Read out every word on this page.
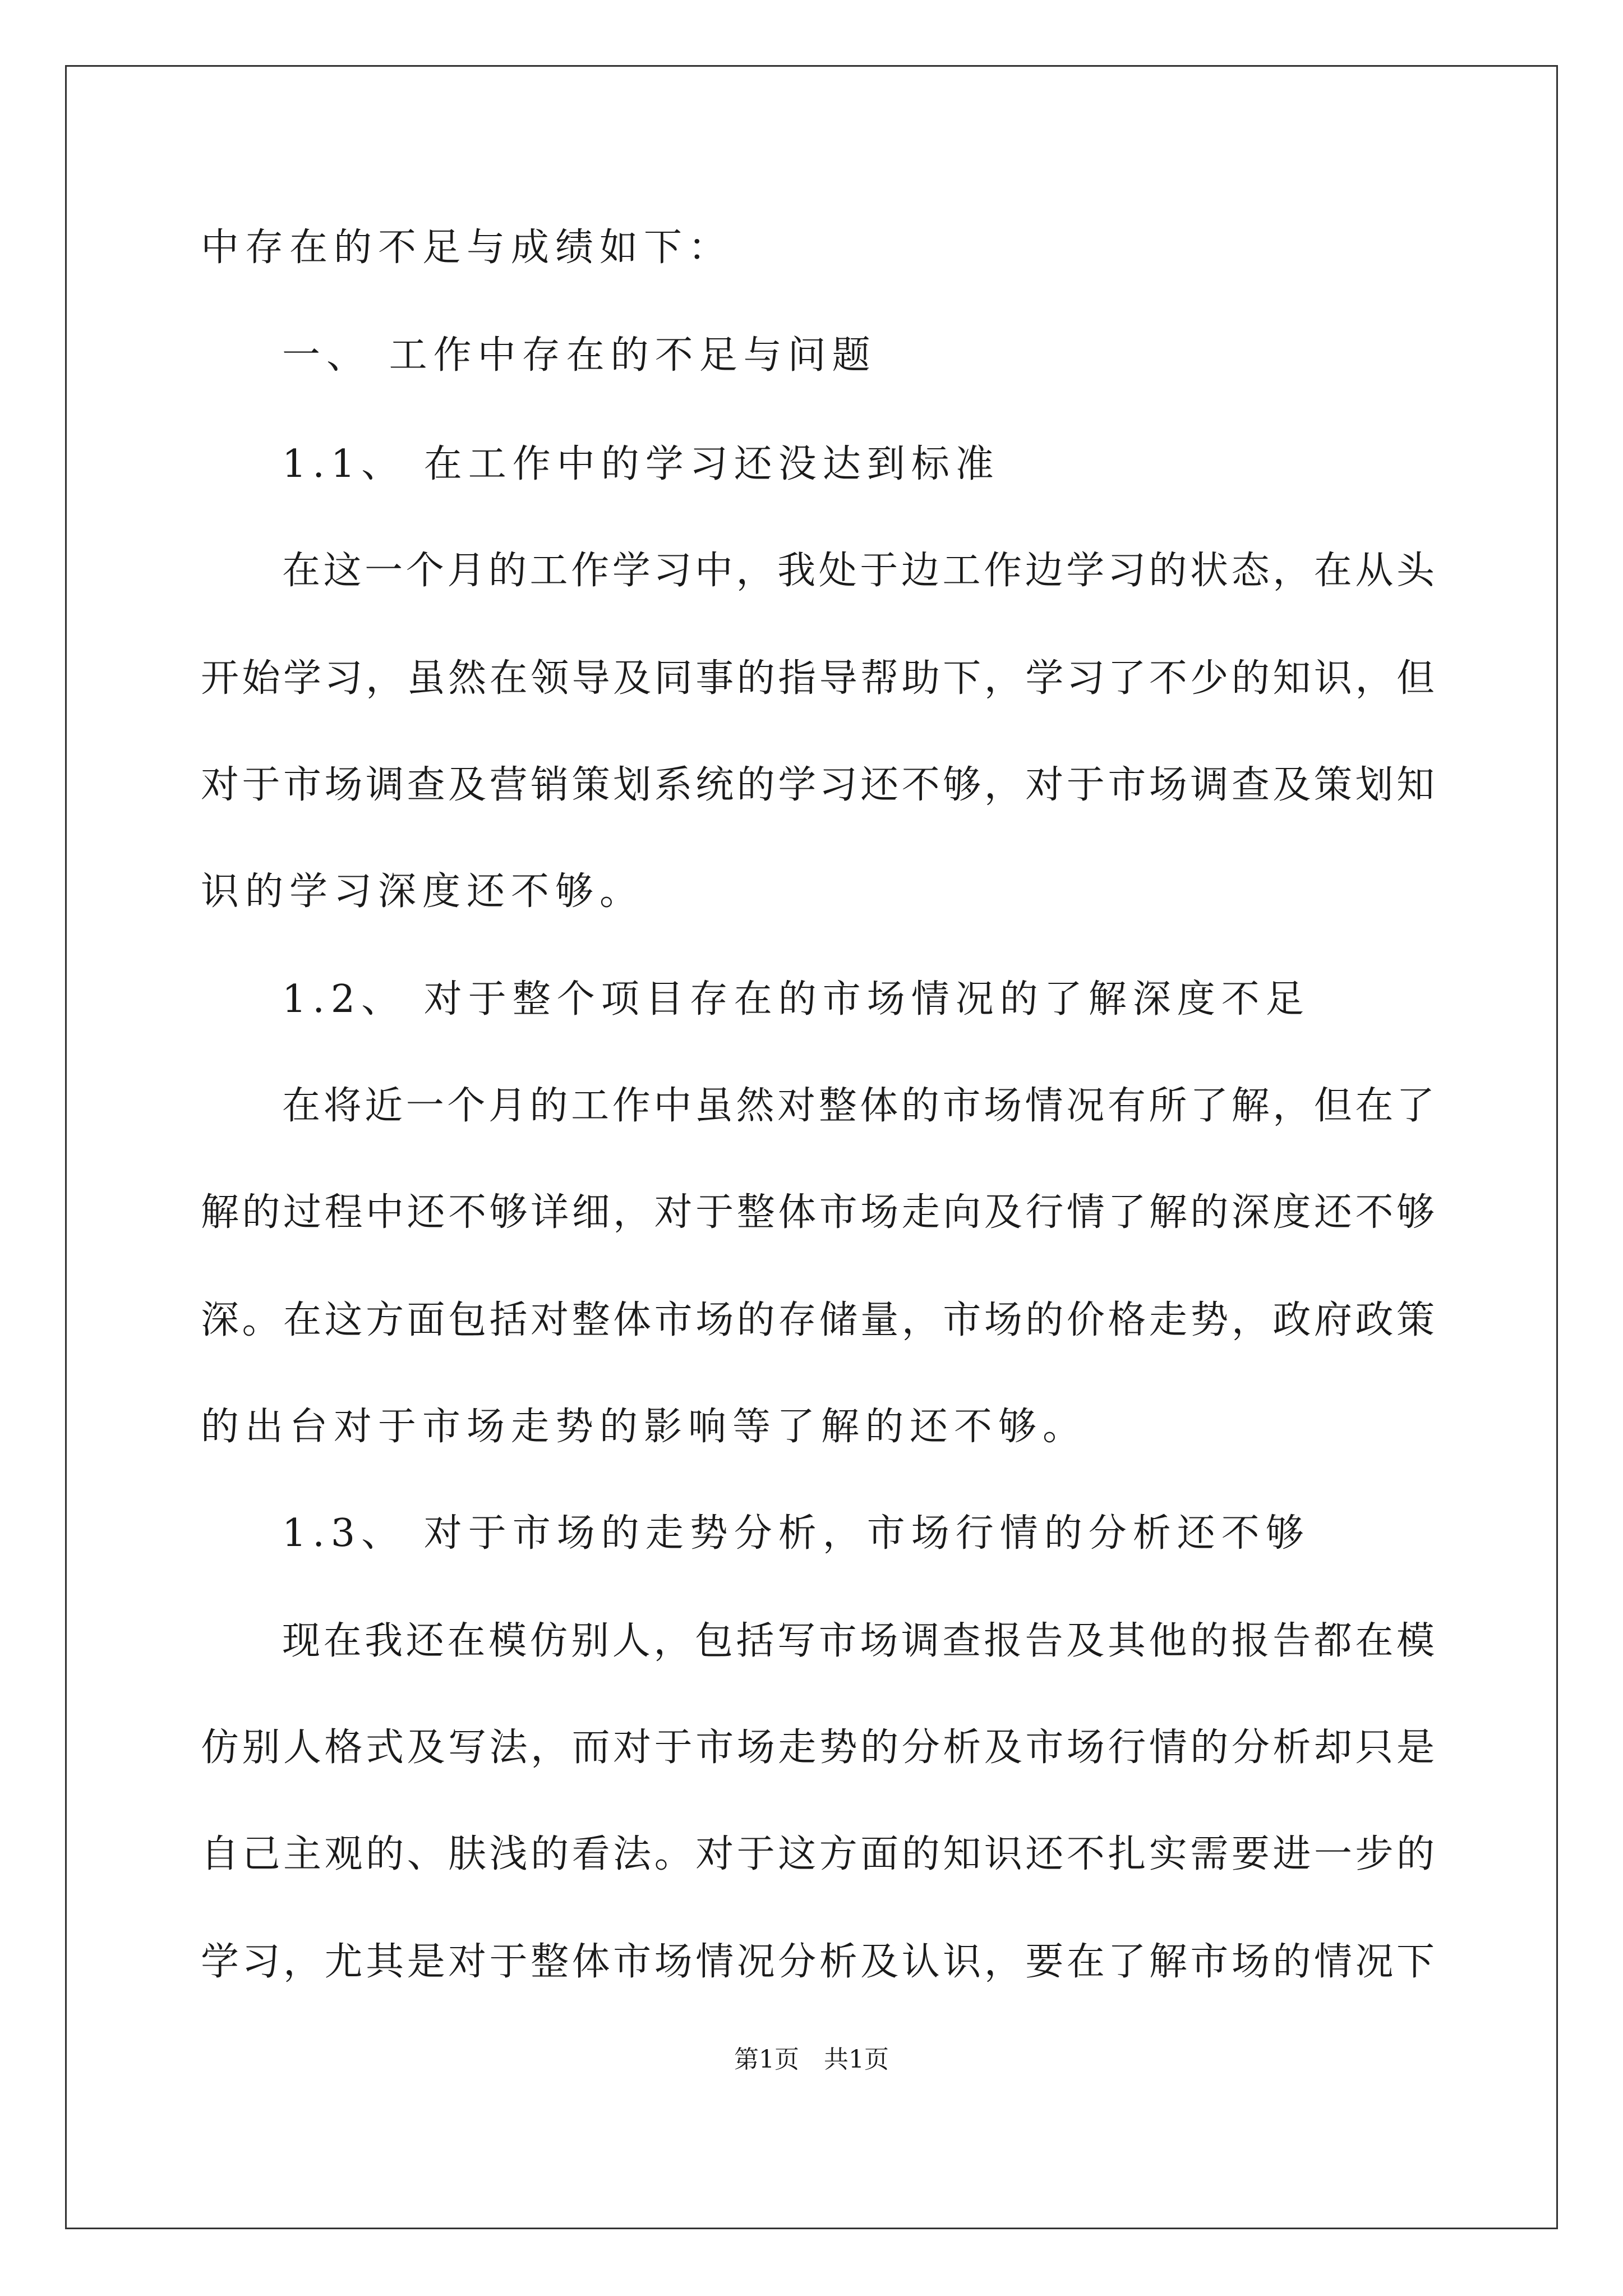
中存在的不足与成绩如下：
一、 工作中存在的不足与问题
1.1、 在工作中的学习还没达到标准
在这一个月的工作学习中，我处于边工作边学习的状态，在从头
开始学习，虽然在领导及同事的指导帮助下，学习了不少的知识，但
对于市场调查及营销策划系统的学习还不够，对于市场调查及策划知
识的学习深度还不够。
1.2、 对于整个项目存在的市场情况的了解深度不足
在将近一个月的工作中虽然对整体的市场情况有所了解，但在了
解的过程中还不够详细，对于整体市场走向及行情了解的深度还不够
深。在这方面包括对整体市场的存储量，市场的价格走势，政府政策
的出台对于市场走势的影响等了解的还不够。
1.3、 对于市场的走势分析，市场行情的分析还不够
现在我还在模仿别人，包括写市场调查报告及其他的报告都在模
仿别人格式及写法，而对于市场走势的分析及市场行情的分析却只是
自己主观的、肤浅的看法。对于这方面的知识还不扎实需要进一步的
学习，尤其是对于整体市场情况分析及认识，要在了解市场的情况下
第1页　共1页
